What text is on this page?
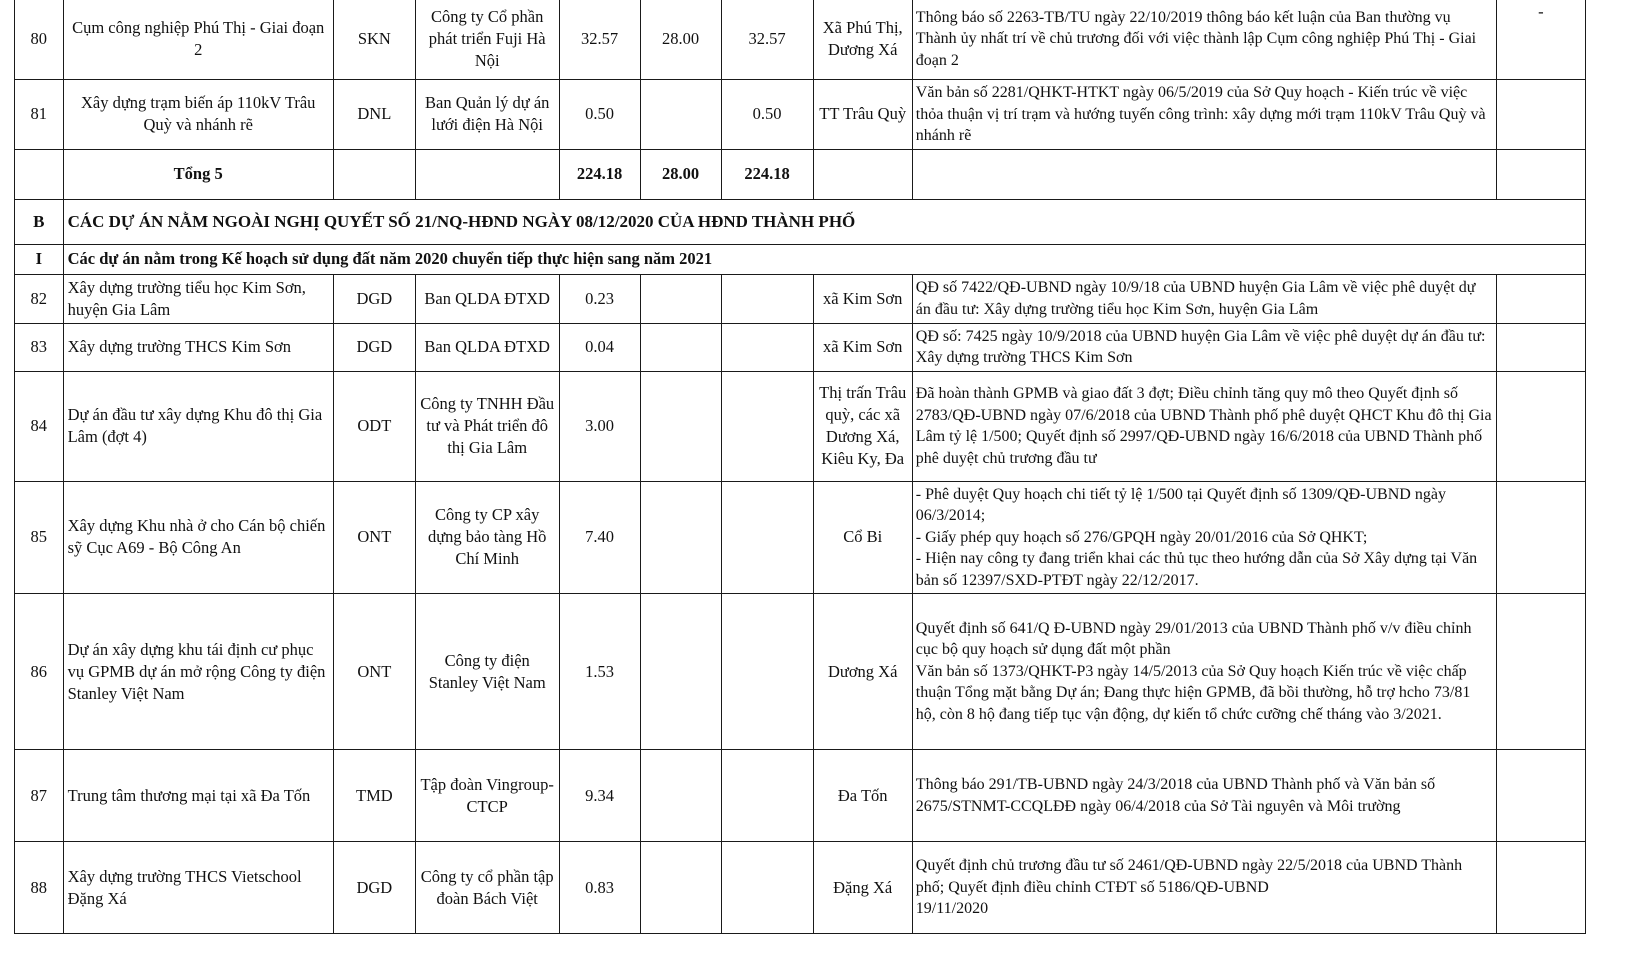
80	Cụm công nghiệp Phú Thị - Giai đoạn 2	SKN	Công ty Cổ phần phát triển Fuji Hà Nội	32.57	28.00	32.57	Xã Phú Thị, Dương Xá	Thông báo số 2263-TB/TU ngày 22/10/2019 thông báo kết luận của Ban thường vụ Thành ủy nhất trí về chủ trương đối với việc thành lập Cụm công nghiệp Phú Thị - Giai đoạn 2	-
81	Xây dựng trạm biến áp 110kV Trâu Quỳ và nhánh rẽ	DNL	Ban Quản lý dự án lưới điện Hà Nội	0.50		0.50	TT Trâu Quỳ	Văn bản số 2281/QHKT-HTKT ngày 06/5/2019 của Sở Quy hoạch - Kiến trúc về việc thỏa thuận vị trí trạm và hướng tuyến công trình: xây dựng mới trạm 110kV Trâu Quỳ và nhánh rẽ	
	Tổng 5			224.18	28.00	224.18			
B	CÁC DỰ ÁN NẰM NGOÀI NGHỊ QUYẾT SỐ 21/NQ-HĐND NGÀY 08/12/2020 CỦA HĐND THÀNH PHỐ								
I	Các dự án nằm trong Kế hoạch sử dụng đất năm 2020 chuyển tiếp thực hiện sang năm 2021								
82	Xây dựng trường tiểu học Kim Sơn, huyện Gia Lâm	DGD	Ban QLDA ĐTXD	0.23			xã Kim Sơn	QĐ số 7422/QĐ-UBND ngày 10/9/18 của UBND huyện Gia Lâm về việc phê duyệt dự án đầu tư: Xây dựng trường tiểu học Kim Sơn, huyện Gia Lâm	
83	Xây dựng trường THCS Kim Sơn	DGD	Ban QLDA ĐTXD	0.04			xã Kim Sơn	QĐ số: 7425 ngày 10/9/2018 của UBND huyện Gia Lâm về việc phê duyệt dự án đầu tư: Xây dựng trường THCS Kim Sơn	
84	Dự án đầu tư xây dựng Khu đô thị Gia Lâm (đợt 4)	ODT	Công ty TNHH Đầu tư và Phát triển đô thị Gia Lâm	3.00			Thị trấn Trâu quỳ, các xã Dương Xá, Kiêu Ky, Đa	Đã hoàn thành GPMB và giao đất 3 đợt; Điều chỉnh tăng quy mô theo Quyết định số 2783/QĐ-UBND ngày 07/6/2018 của UBND Thành phố phê duyệt QHCT Khu đô thị Gia Lâm tỷ lệ 1/500; Quyết định số 2997/QĐ-UBND ngày 16/6/2018 của UBND Thành phố phê duyệt chủ trương đầu tư	
85	Xây dựng Khu nhà ở cho Cán bộ chiến sỹ Cục A69 - Bộ Công An	ONT	Công ty CP xây dựng bảo tàng Hồ Chí Minh	7.40			Cổ Bi	- Phê duyệt Quy hoạch chi tiết tỷ lệ 1/500 tại Quyết định số 1309/QĐ-UBND ngày 06/3/2014;
- Giấy phép quy hoạch số 276/GPQH ngày 20/01/2016 của Sở QHKT;
- Hiện nay công ty đang triển khai các thủ tục theo hướng dẫn của Sở Xây dựng tại Văn bản số 12397/SXD-PTĐT ngày 22/12/2017.	

86	Dự án xây dựng khu tái định cư phục vụ GPMB dự án mở rộng Công ty điện Stanley Việt Nam	ONT	Công ty điện Stanley Việt Nam	1.53			Dương Xá	Quyết định số 641/Q Đ-UBND ngày 29/01/2013 của UBND Thành phố v/v điều chỉnh cục bộ quy hoạch sử dụng đất một phần
Văn bản số 1373/QHKT-P3 ngày 14/5/2013 của Sở Quy hoạch Kiến trúc về việc chấp thuận Tổng mặt bằng Dự án; Đang thực hiện GPMB, đã bồi thường, hỗ trợ hcho 73/81 hộ, còn 8 hộ đang tiếp tục vận động, dự kiến tổ chức cưỡng chế tháng vào 3/2021.	

87	Trung tâm thương mại tại xã Đa Tốn	TMD	Tập đoàn Vingroup-CTCP	9.34			Đa Tốn	Thông báo 291/TB-UBND ngày 24/3/2018 của UBND Thành phố và Văn bản số 2675/STNMT-CCQLĐĐ ngày 06/4/2018 của Sở Tài nguyên và Môi trường	
88	Xây dựng trường THCS Vietschool Đặng Xá	DGD	Công ty cổ phần tập đoàn Bách Việt	0.83			Đặng Xá	Quyết định chủ trương đầu tư số 2461/QĐ-UBND ngày 22/5/2018 của UBND Thành phố; Quyết định điều chỉnh CTĐT số 5186/QĐ-UBND
19/11/2020	
